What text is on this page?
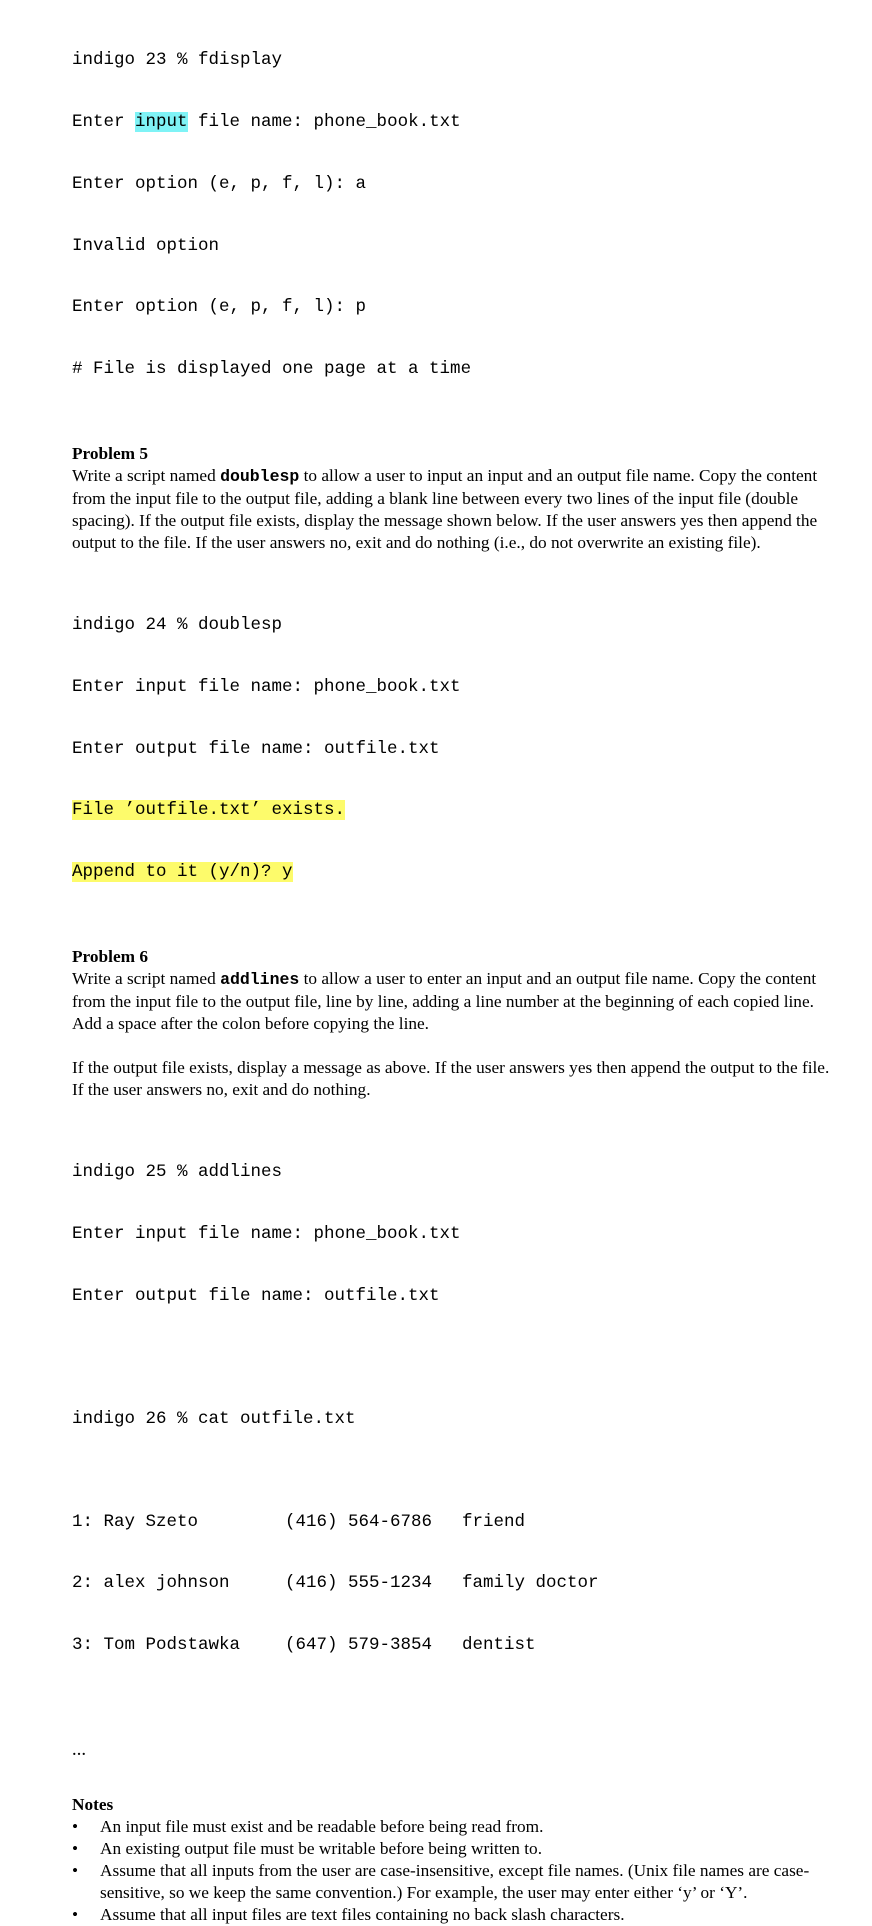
indigo 23 % fdisplay

Enter input file name: phone_book.txt

Enter option (e, p, f, l): a

Invalid option

Enter option (e, p, f, l): p

# File is displayed one page at a time

Problem 5

Write a script named doublesp to allow a user to input an input and an output file name. Copy the content from the input file to the output file, adding a blank line between every two lines of the input file (double spacing). If the output file exists, display the message shown below. If the user answers yes then append the output to the file. If the user answers no, exit and do nothing (i.e., do not overwrite an existing file).

indigo 24 % doublesp

Enter input file name: phone_book.txt

Enter output file name: outfile.txt

File ’outfile.txt’ exists.

Append to it (y/n)? y

Problem 6

Write a script named addlines to allow a user to enter an input and an output file name. Copy the content from the input file to the output file, line by line, adding a line number at the beginning of each copied line. Add a space after the colon before copying the line.

If the output file exists, display a message as above. If the user answers yes then append the output to the file. If the user answers no, exit and do nothing.

indigo 25 % addlines

Enter input file name: phone_book.txt

Enter output file name: outfile.txt

indigo 26 % cat outfile.txt

1: Ray Szeto	(416) 564-6786 friend

2: alex johnson	(416) 555-1234 family doctor

3: Tom Podstawka	(647) 579-3854 dentist

…

Notes

•	An input file must exist and be readable before being read from.
•	An existing output file must be writable before being written to.
•	Assume that all inputs from the user are case-insensitive, except file names. (Unix file names are case-sensitive, so we keep the same convention.) For example, the user may enter either ‘y’ or ‘Y’.
•	Assume that all input files are text files containing no back slash characters.
